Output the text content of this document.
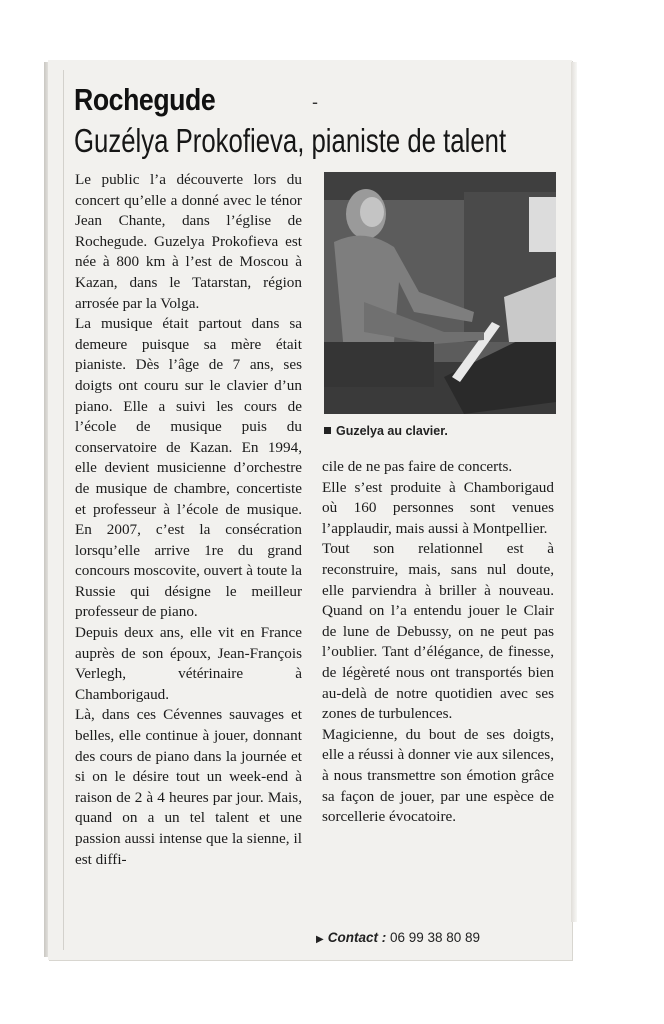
Rochegude	-
Guzélya Prokofieva, pianiste de talent

Le public l’a découverte lors du concert qu’elle a donné avec le ténor Jean Chante, dans l’église de Rochegude. Guzelya Prokofieva est née à 800 km à l’est de Moscou à Kazan, dans le Tatarstan, région arrosée par la Volga.

La musique était partout dans sa demeure puisque sa mère était pianiste. Dès l’âge de 7 ans, ses doigts ont couru sur le clavier d’un piano. Elle a suivi les cours de l’école de musique puis du conservatoire de Kazan. En 1994, elle devient musicienne d’orchestre de musique de chambre, concertiste et professeur à l’école de musique. En 2007, c’est la consécration lorsqu’elle arrive 1re du grand concours moscovite, ouvert à toute la Russie qui désigne le meilleur professeur de piano.

Depuis deux ans, elle vit en France auprès de son époux, Jean-François Verlegh, vétérinaire à Chamborigaud.

Là, dans ces Cévennes sauvages et belles, elle continue à jouer, donnant des cours de piano dans la journée et si on le désire tout un week-end à raison de 2 à 4 heures par jour. Mais, quand on a un tel talent et une passion aussi intense que la sienne, il est diffi-

Guzelya au clavier.

cile de ne pas faire de concerts.

Elle s’est produite à Chamborigaud où 160 personnes sont venues l’applaudir, mais aussi à Montpellier.

Tout son relationnel est à reconstruire, mais, sans nul doute, elle parviendra à briller à nouveau. Quand on l’a entendu jouer le Clair de lune de Debussy, on ne peut pas l’oublier. Tant d’élégance, de finesse, de légèreté nous ont transportés bien au-delà de notre quotidien avec ses zones de turbulences.

Magicienne, du bout de ses doigts, elle a réussi à donner vie aux silences, à nous transmettre son émotion grâce sa façon de jouer, par une espèce de sorcellerie évocatoire.

▶ Contact : 06 99 38 80 89
